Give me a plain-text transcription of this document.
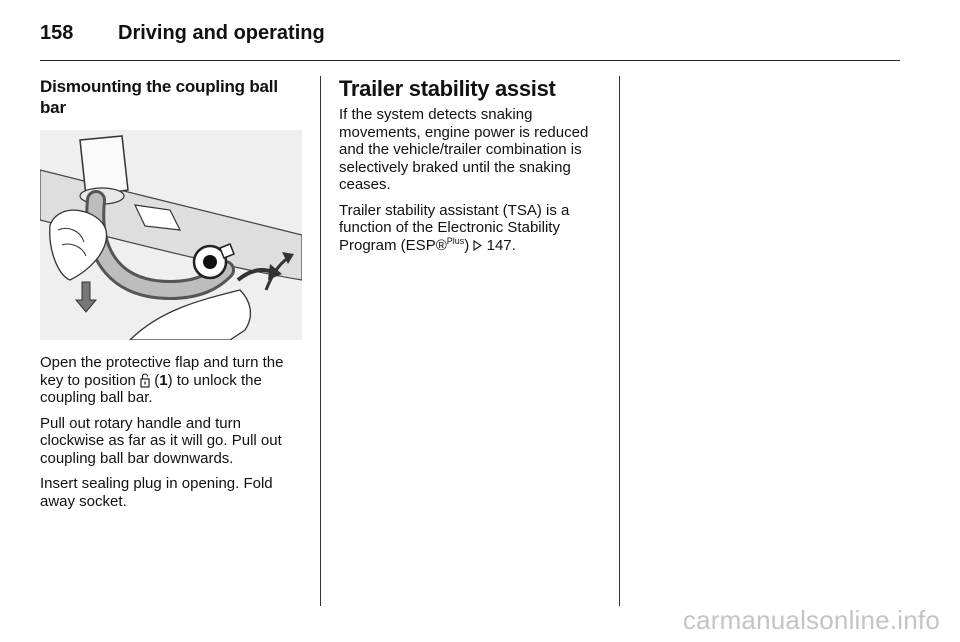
158 Driving and operating
Dismounting the coupling ball bar

Open the protective flap and turn the key to position  (1) to unlock the coupling ball bar.

Pull out rotary handle and turn clockwise as far as it will go. Pull out coupling ball bar downwards.

Insert sealing plug in opening. Fold away socket.

Trailer stability assist

If the system detects snaking movements, engine power is reduced and the vehicle/trailer combination is selectively braked until the snaking ceases.

Trailer stability assistant (TSA) is a function of the Electronic Stability Program (ESP®$^{Plus}$)  147.

carmanualsonline.info
